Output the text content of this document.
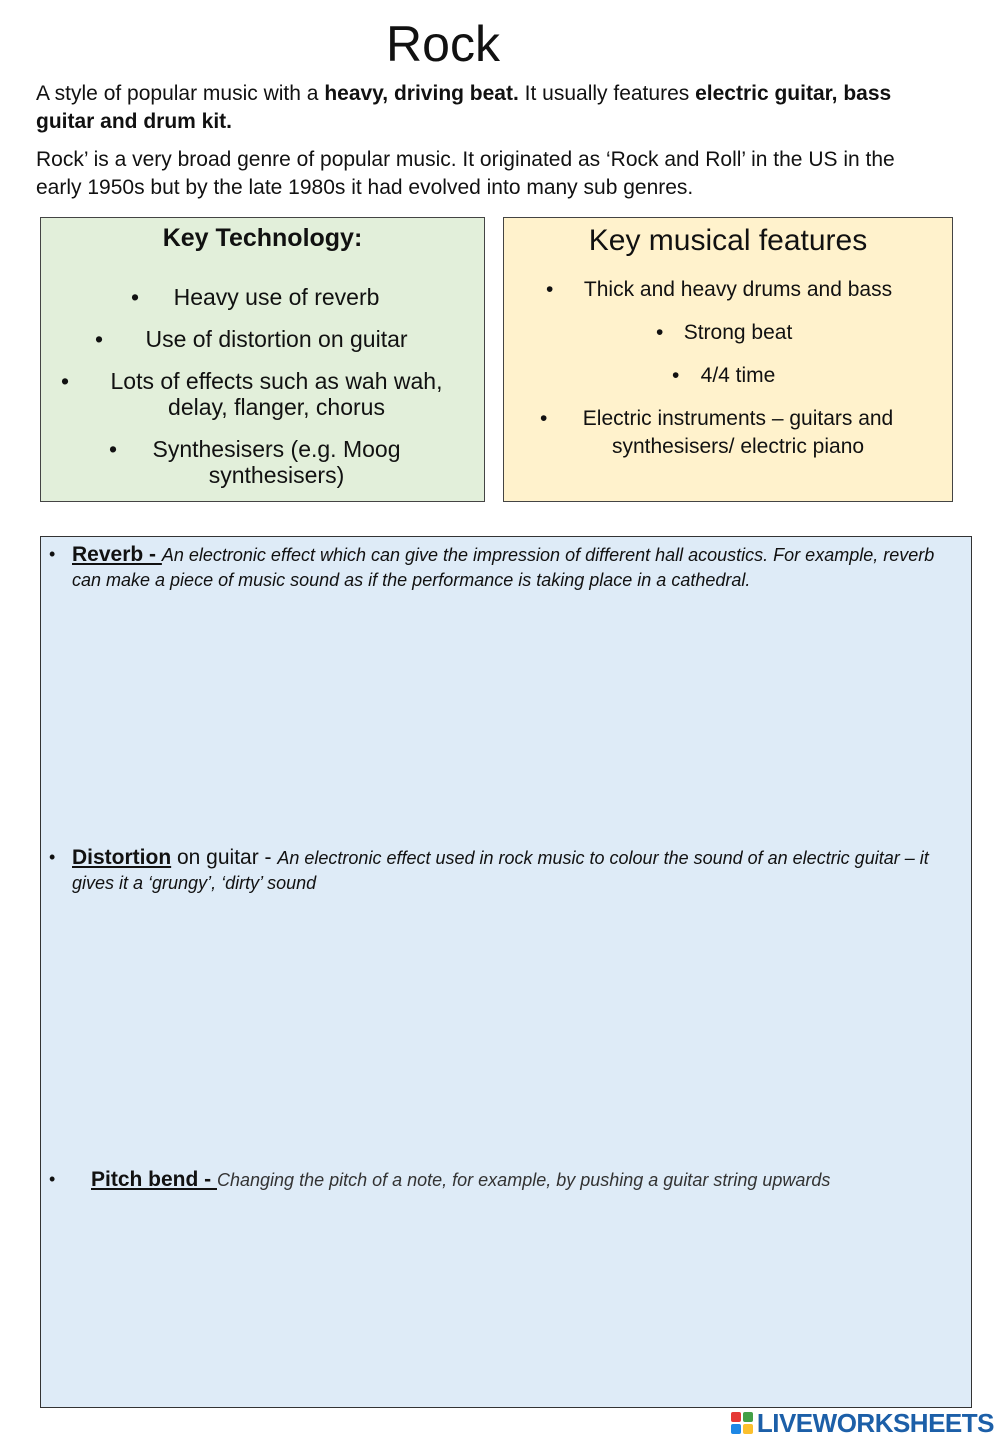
Rock

A style of popular music with a heavy, driving beat. It usually features electric guitar, bass guitar and drum kit.

Rock’ is a very broad genre of popular music. It originated as ‘Rock and Roll’ in the US in the early 1950s but by the late 1980s it had evolved into many sub genres.

Key Technology:
• Heavy use of reverb
• Use of distortion on guitar
• Lots of effects such as wah wah, delay, flanger, chorus
• Synthesisers (e.g. Moog synthesisers)
Key musical features
• Thick and heavy drums and bass
• Strong beat
• 4/4 time
• Electric instruments – guitars and synthesisers/ electric piano
• Reverb - An electronic effect which can give the impression of different hall acoustics. For example, reverb can make a piece of music sound as if the performance is taking place in a cathedral.
• Distortion on guitar - An electronic effect used in rock music to colour the sound of an electric guitar – it gives it a ‘grungy’, ‘dirty’ sound
• Pitch bend - Changing the pitch of a note, for example, by pushing a guitar string upwards
LIVEWORKSHEETS
